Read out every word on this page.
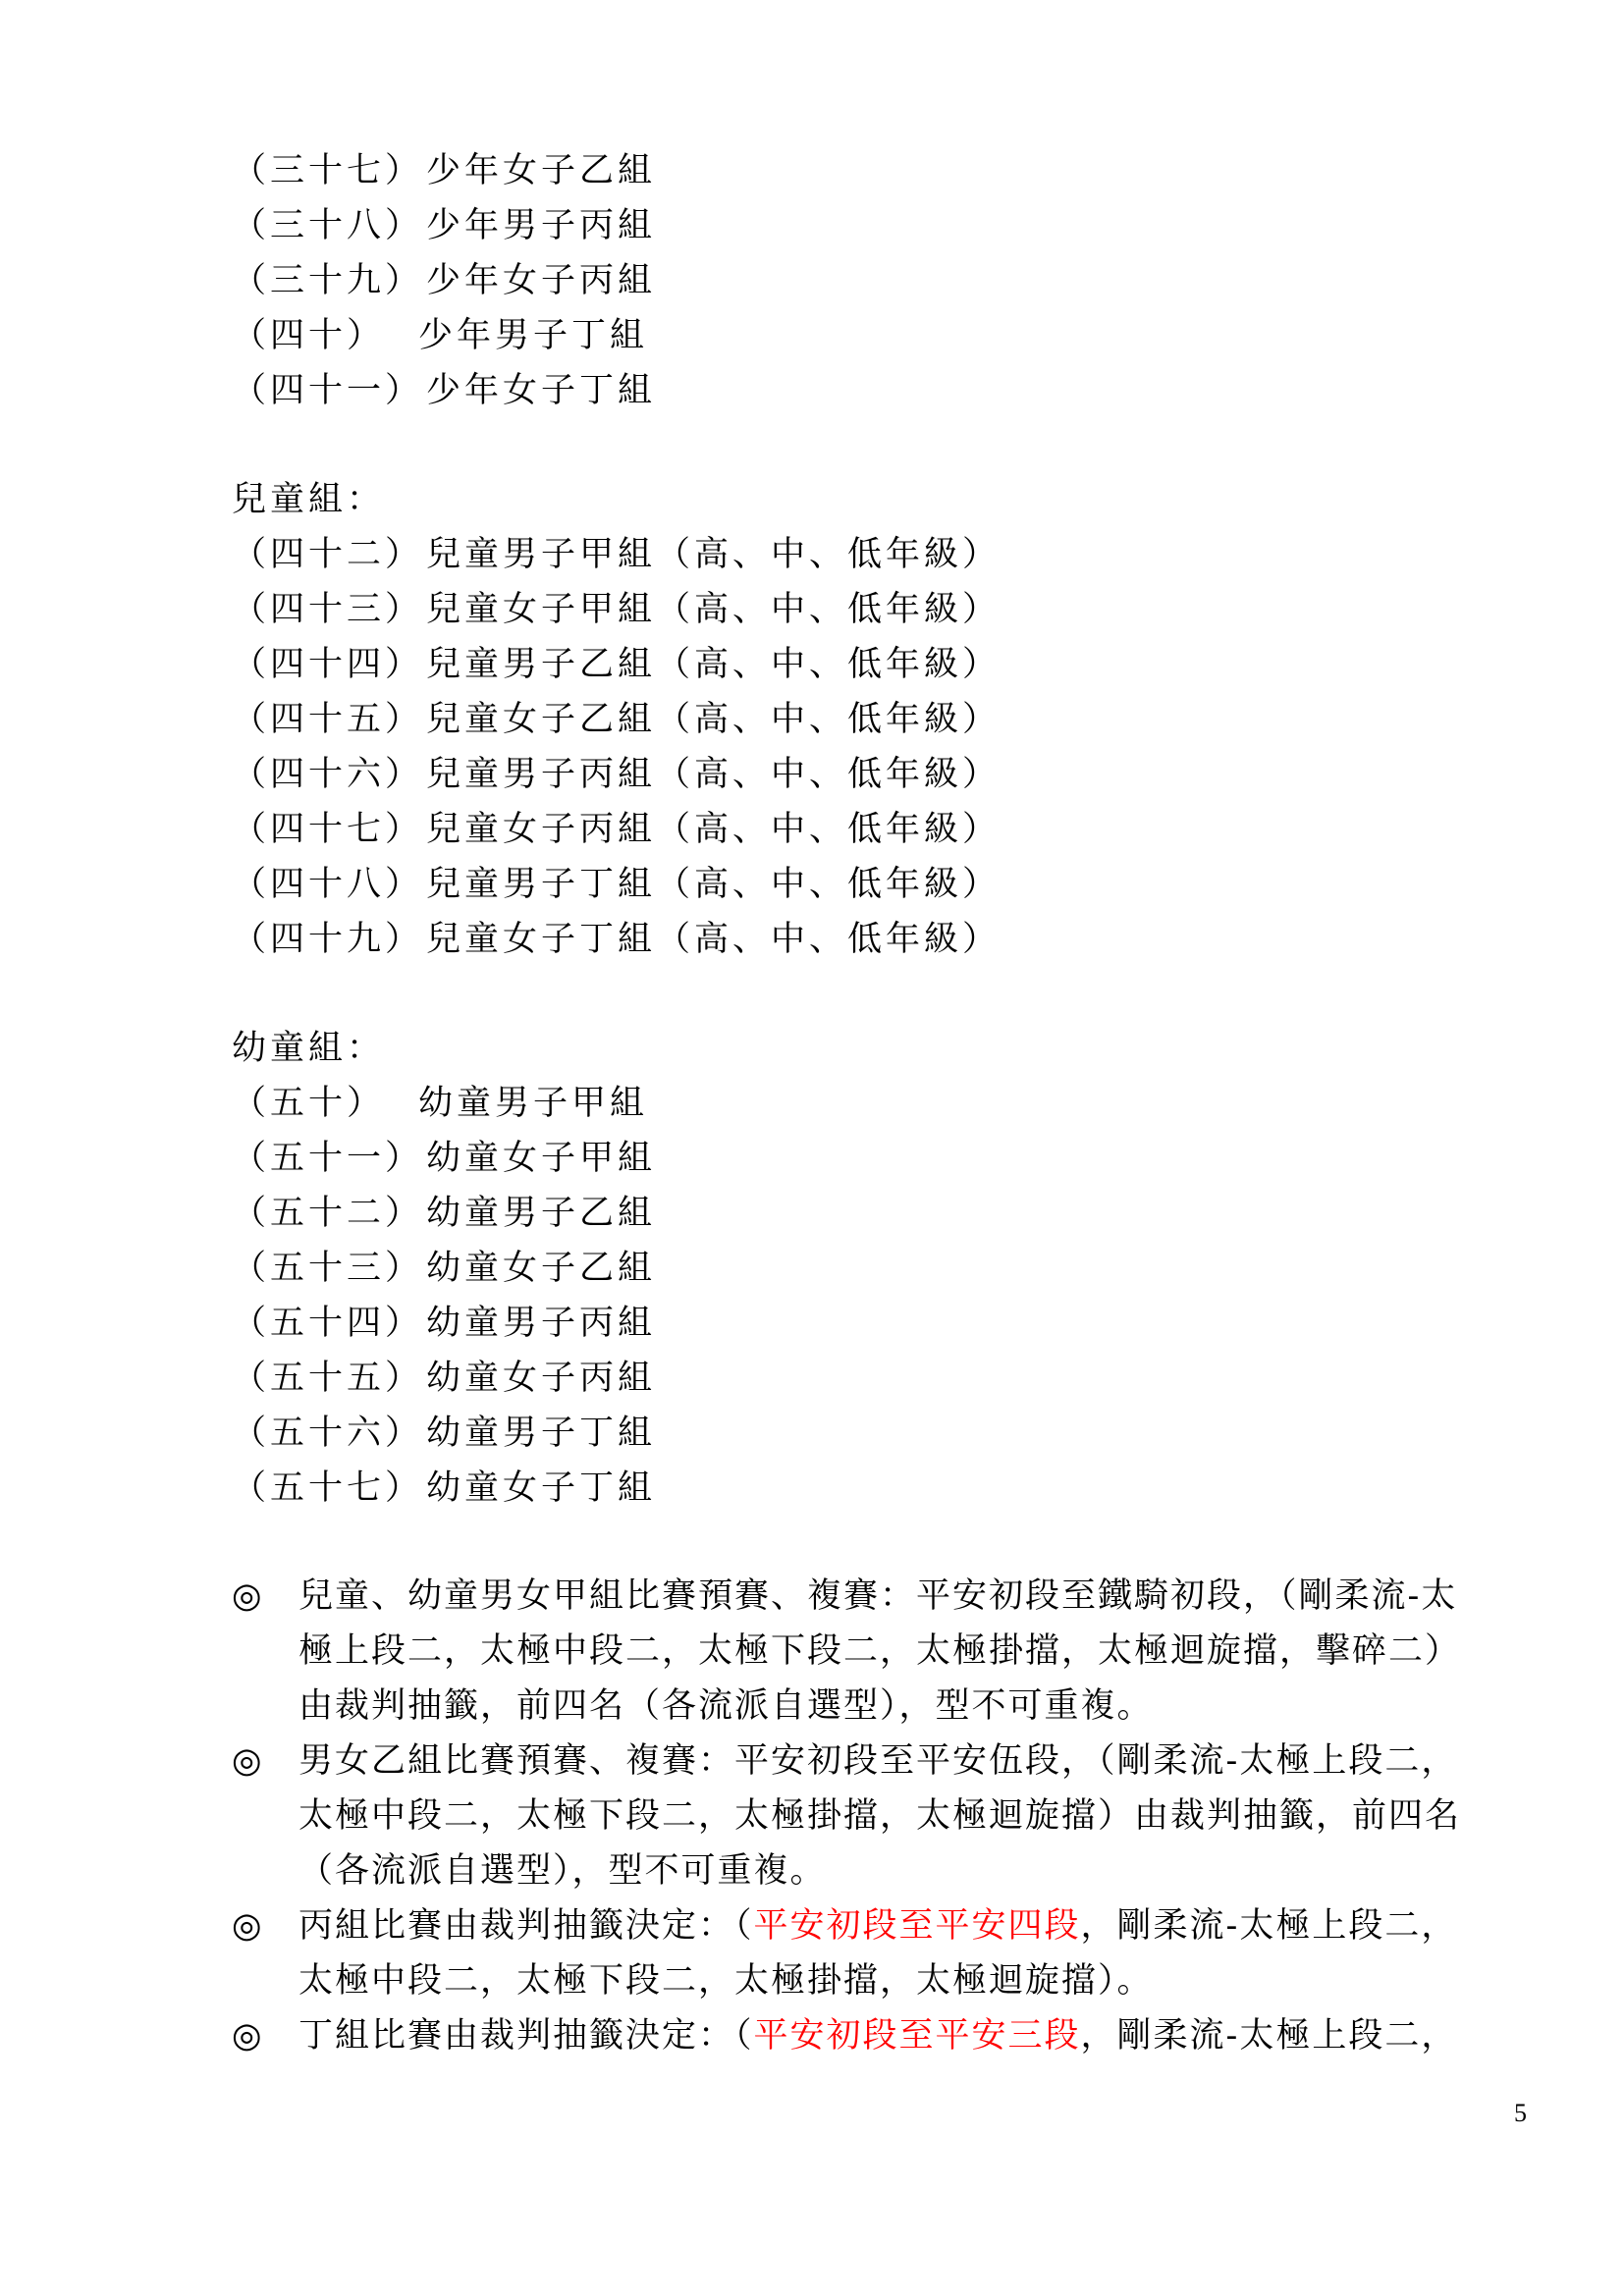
（三十七）少年女子乙組
（三十八）少年男子丙組
（三十九）少年女子丙組
（四十） 少年男子丁組
（四十一）少年女子丁組
兒童組：
（四十二）兒童男子甲組（高、中、低年級）
（四十三）兒童女子甲組（高、中、低年級）
（四十四）兒童男子乙組（高、中、低年級）
（四十五）兒童女子乙組（高、中、低年級）
（四十六）兒童男子丙組（高、中、低年級）
（四十七）兒童女子丙組（高、中、低年級）
（四十八）兒童男子丁組（高、中、低年級）
（四十九）兒童女子丁組（高、中、低年級）
幼童組：
（五十） 幼童男子甲組
（五十一）幼童女子甲組
（五十二）幼童男子乙組
（五十三）幼童女子乙組
（五十四）幼童男子丙組
（五十五）幼童女子丙組
（五十六）幼童男子丁組
（五十七）幼童女子丁組
◎ 兒童、幼童男女甲組比賽預賽、複賽：平安初段至鐵騎初段，（剛柔流-太
極上段二，太極中段二，太極下段二，太極掛擋，太極迴旋擋，擊碎二）
由裁判抽籤，前四名（各流派自選型），型不可重複。
◎ 男女乙組比賽預賽、複賽：平安初段至平安伍段，（剛柔流-太極上段二，
太極中段二，太極下段二，太極掛擋，太極迴旋擋）由裁判抽籤，前四名
（各流派自選型），型不可重複。
◎ 丙組比賽由裁判抽籤決定：（平安初段至平安四段，剛柔流-太極上段二，
太極中段二，太極下段二，太極掛擋，太極迴旋擋）。
◎ 丁組比賽由裁判抽籤決定：（平安初段至平安三段，剛柔流-太極上段二，
5
